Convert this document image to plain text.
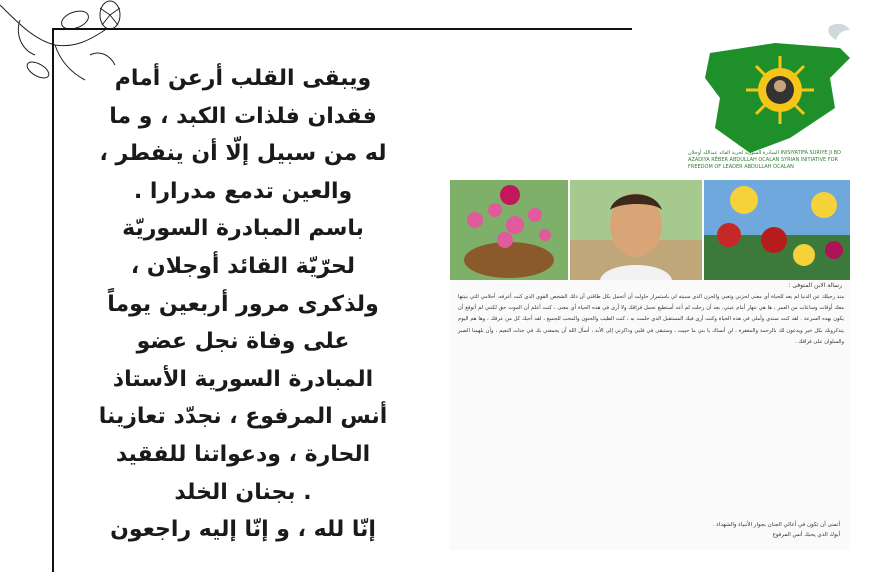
ويبقى القلب أرعن أمام
فقدان فلذات الكبد ، و ما
له من سبيل إلّا أن ينفطر ،
والعين تدمع مدرارا .
باسم المبادرة السوريّة
لحرّيّة القائد أوجلان ،
ولذكرى مرور أربعين يوماً
على وفاة نجل عضو
المبادرة السورية الأستاذ
أنس المرفوع ، نجدّد تعازينا
الحارة ، ودعواتنا للفقيد
. بجنان الخلد
إنّا لله ، و إنّا إليه راجعون
المبادرة السورية لحرية القائد عبدالله أوجلان INISIYATIFA SURIYE JI BO AZADIYA RÊBER ABDULLAH OCALAN SYRIAN INITIATIVE FOR FREEDOM OF LEADER ABDULLAH OCALAN
رسالة الابن المتوفى :
منذ رحيلك عن الدنيا لم يعد للحياة أي معنى لحزني وتعبي والحزن الذي سببته لي باستمرار حاولت أن أتحمل بكل طاقتي أن ذلك الشخص القوي الذي كنت أعرفه. أحلامي التي بنيتها معك أوقات وساعات من العمر ، ها هي تنهار أمام عيني، بعد أن رحلت لم أعد أستطيع تحمل فراقك ولا أرى في هذه الحياة أي معنى ، كنت أعلم أن الموت حق لكنني لم أتوقع أن يكون بهذه السرعة . لقد كنت سندي وأملي في هذه الحياة وكنت أرى فيك المستقبل الذي حلمت به ، كنت الطيب والحنون والمحب للجميع ، لقد أحبك كل من عرفك ، وها هم اليوم يتذكرونك بكل خير ويدعون لك بالرحمة والمغفرة . لن أنساك يا بني ما حييت ، وستبقى في قلبي وذاكرتي إلى الأبد ، أسأل الله أن يجمعني بك في جنات النعيم ، وأن يلهمنا الصبر والسلوان على فراقك .
أتمنى أن تكون في أعالي الجنان بجوار الأنبياء والشهداء .
أبوك الذي يحبك أنس المرفوع
